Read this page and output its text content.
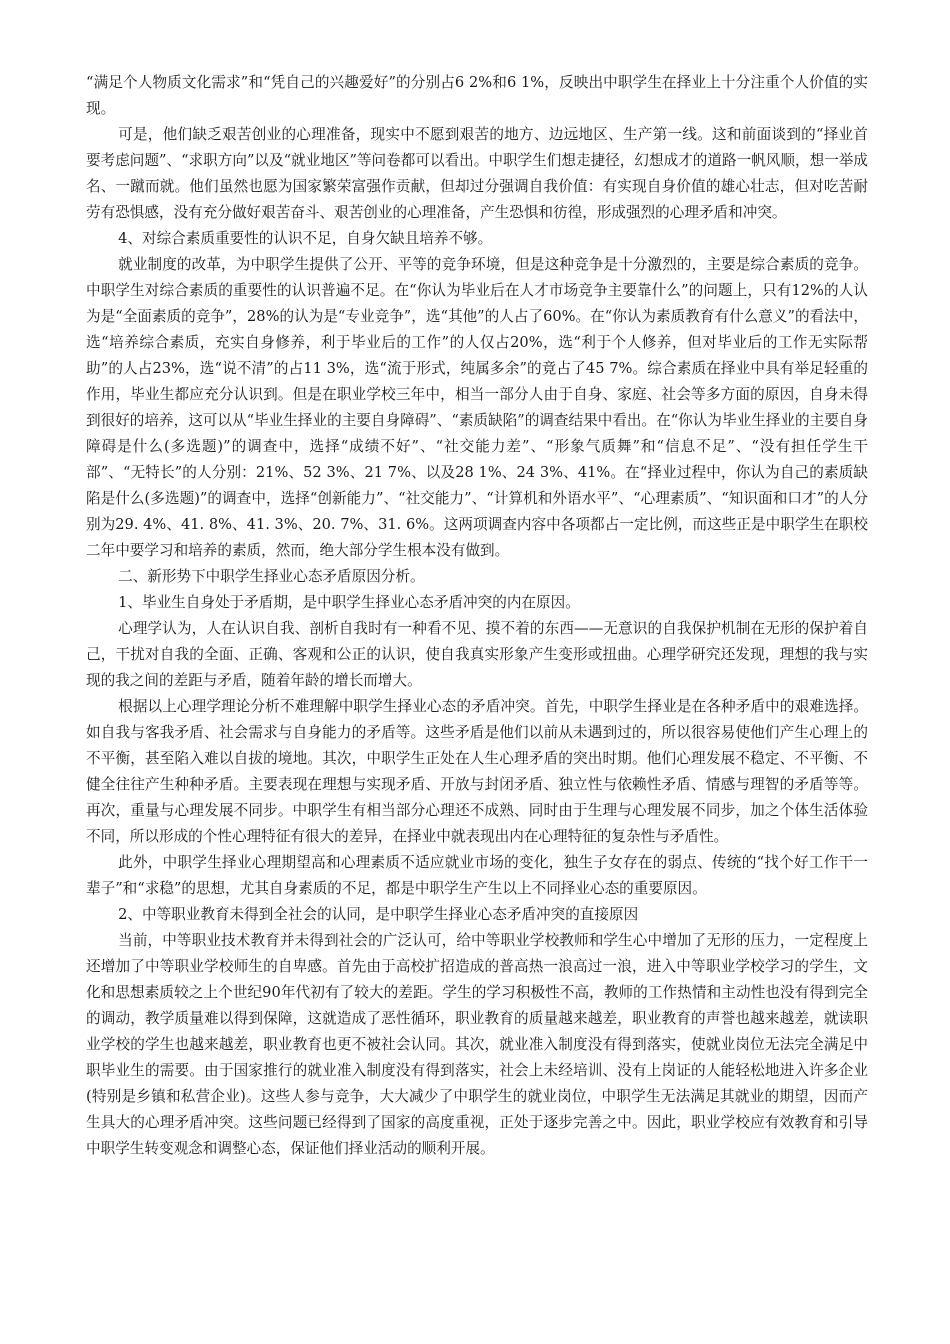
“满足个人物质文化需求”和“凭自己的兴趣爱好”的分别占6 2%和6 1%，反映出中职学生在择业上十分注重个人价值的实现。

可是，他们缺乏艰苦创业的心理准备，现实中不愿到艰苦的地方、边远地区、生产第一线。这和前面谈到的“择业首要考虑问题”、“求职方向”以及“就业地区”等问卷都可以看出。中职学生们想走捷径，幻想成才的道路一帆风顺，想一举成名、一蹴而就。他们虽然也愿为国家繁荣富强作贡献，但却过分强调自我价值：有实现自身价值的雄心壮志，但对吃苦耐劳有恐惧感，没有充分做好艰苦奋斗、艰苦创业的心理准备，产生恐惧和彷徨，形成强烈的心理矛盾和冲突。

4、对综合素质重要性的认识不足，自身欠缺且培养不够。

就业制度的改革，为中职学生提供了公开、平等的竞争环境，但是这种竞争是十分激烈的，主要是综合素质的竞争。中职学生对综合素质的重要性的认识普遍不足。在“你认为毕业后在人才市场竞争主要靠什么”的问题上，只有12%的人认为是“全面素质的竞争”，28%的认为是“专业竞争”，选“其他”的人占了60%。在“你认为素质教育有什么意义”的看法中，选“培养综合素质，充实自身修养，利于毕业后的工作”的人仅占20%，选“利于个人修养，但对毕业后的工作无实际帮助”的人占23%，选“说不清”的占11 3%，选“流于形式，纯属多余”的竟占了45 7%。综合素质在择业中具有举足轻重的作用，毕业生都应充分认识到。但是在职业学校三年中，相当一部分人由于自身、家庭、社会等多方面的原因，自身未得到很好的培养，这可以从“毕业生择业的主要自身障碍”、“素质缺陷”的调查结果中看出。在“你认为毕业生择业的主要自身障碍是什么(多选题)”的调查中，选择“成绩不好”、“社交能力差”、“形象气质舞”和“信息不足”、“没有担任学生干部”、“无特长”的人分别：21%、52 3%、21 7%、以及28 1%、24 3%、41%。在“择业过程中，你认为自己的素质缺陷是什么(多选题)”的调查中，选择“创新能力”、“社交能力”、“计算机和外语水平”、“心理素质”、“知识面和口才”的人分别为29. 4%、41. 8%、41. 3%、20. 7%、31. 6%。这两项调查内容中各项都占一定比例，而这些正是中职学生在职校二年中要学习和培养的素质，然而，绝大部分学生根本没有做到。

二、新形势下中职学生择业心态矛盾原因分析。

1、毕业生自身处于矛盾期，是中职学生择业心态矛盾冲突的内在原因。

心理学认为，人在认识自我、剖析自我时有一种看不见、摸不着的东西——无意识的自我保护机制在无形的保护着自己，干扰对自我的全面、正确、客观和公正的认识，使自我真实形象产生变形或扭曲。心理学研究还发现，理想的我与实现的我之间的差距与矛盾，随着年龄的增长而增大。

根据以上心理学理论分析不难理解中职学生择业心态的矛盾冲突。首先，中职学生择业是在各种矛盾中的艰难选择。如自我与客我矛盾、社会需求与自身能力的矛盾等。这些矛盾是他们以前从未遇到过的，所以很容易使他们产生心理上的不平衡，甚至陷入难以自拔的境地。其次，中职学生正处在人生心理矛盾的突出时期。他们心理发展不稳定、不平衡、不健全往往产生种种矛盾。主要表现在理想与实现矛盾、开放与封闭矛盾、独立性与依赖性矛盾、情感与理智的矛盾等等。再次，重量与心理发展不同步。中职学生有相当部分心理还不成熟、同时由于生理与心理发展不同步，加之个体生活体验不同，所以形成的个性心理特征有很大的差异，在择业中就表现出内在心理特征的复杂性与矛盾性。

此外，中职学生择业心理期望高和心理素质不适应就业市场的变化，独生子女存在的弱点、传统的“找个好工作干一辈子”和“求稳”的思想，尤其自身素质的不足，都是中职学生产生以上不同择业心态的重要原因。

2、中等职业教育未得到全社会的认同，是中职学生择业心态矛盾冲突的直接原因

当前，中等职业技术教育并未得到社会的广泛认可，给中等职业学校教师和学生心中增加了无形的压力，一定程度上还增加了中等职业学校师生的自卑感。首先由于高校扩招造成的普高热一浪高过一浪，进入中等职业学校学习的学生，文化和思想素质较之上个世纪90年代初有了较大的差距。学生的学习积极性不高，教师的工作热情和主动性也没有得到完全的调动，教学质量难以得到保障，这就造成了恶性循环，职业教育的质量越来越差，职业教育的声誉也越来越差，就读职业学校的学生也越来越差，职业教育也更不被社会认同。其次，就业准入制度没有得到落实，使就业岗位无法完全满足中职毕业生的需要。由于国家推行的就业准入制度没有得到落实，社会上未经培训、没有上岗证的人能轻松地进入许多企业(特别是乡镇和私营企业)。这些人参与竞争，大大减少了中职学生的就业岗位，中职学生无法满足其就业的期望，因而产生具大的心理矛盾冲突。这些问题已经得到了国家的高度重视，正处于逐步完善之中。因此，职业学校应有效教育和引导中职学生转变观念和调整心态，保证他们择业活动的顺利开展。
